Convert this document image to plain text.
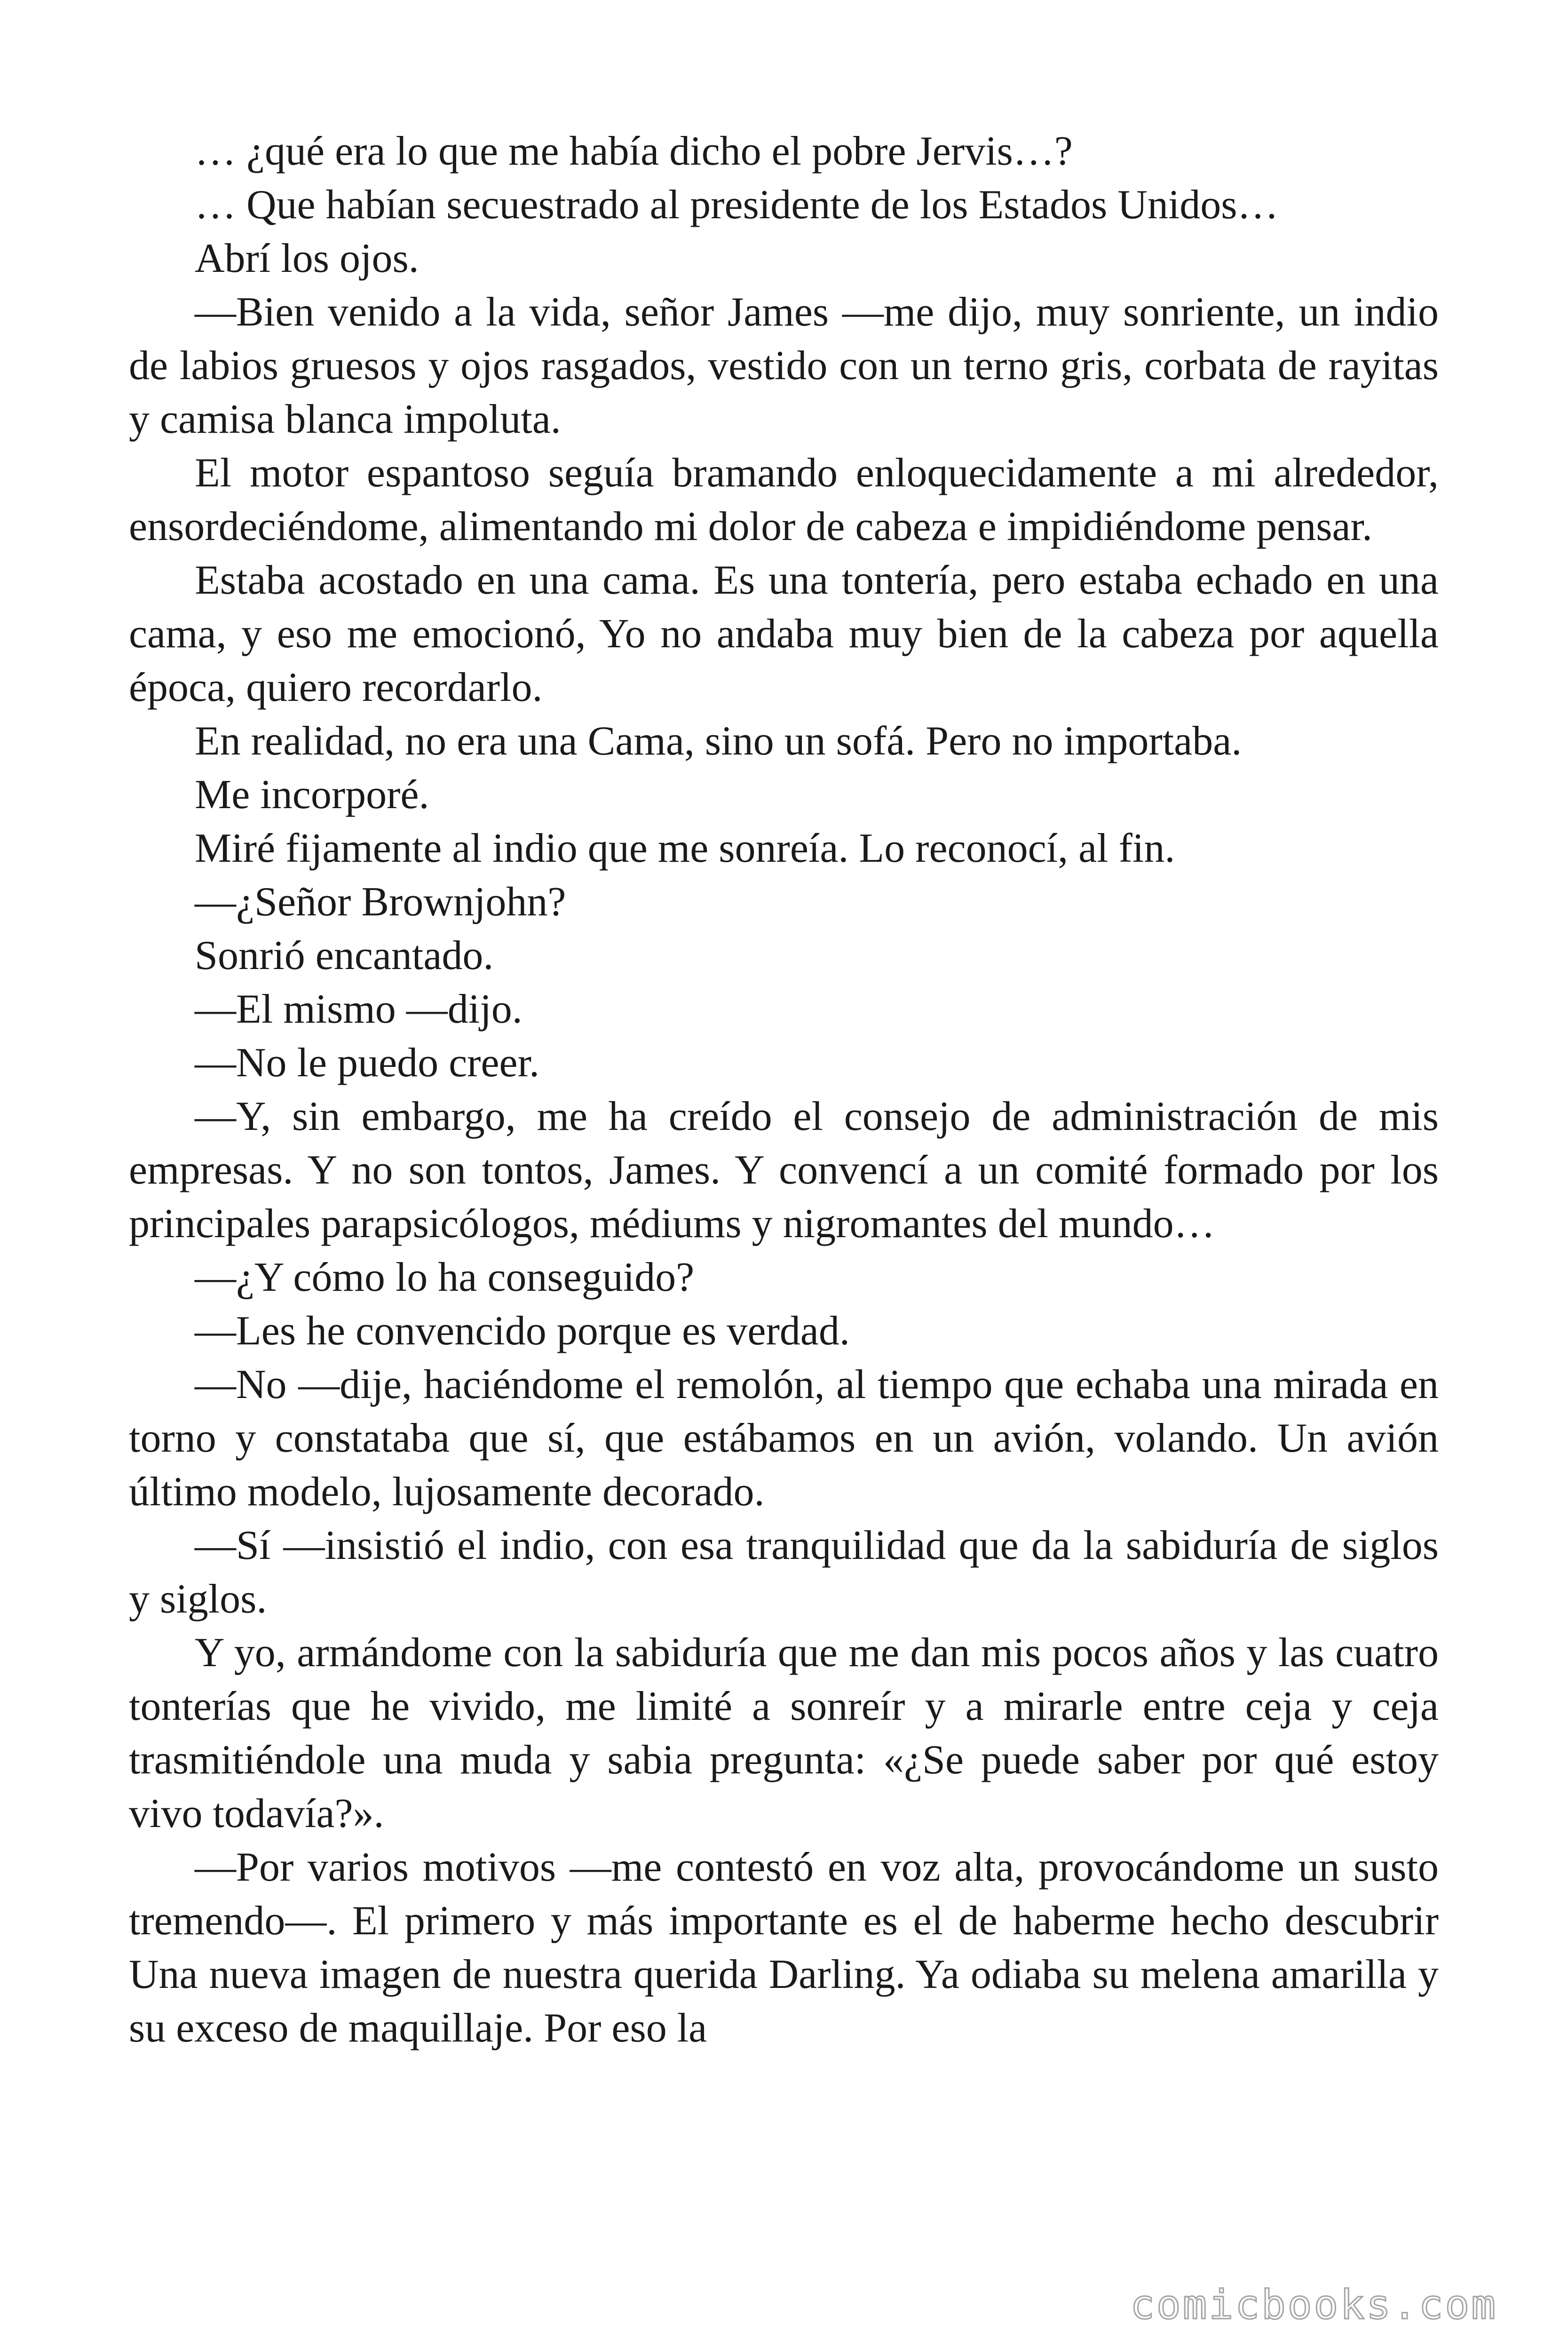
… ¿qué era lo que me había dicho el pobre Jervis…?

… Que habían secuestrado al presidente de los Estados Unidos…

Abrí los ojos.

—Bien venido a la vida, señor James —me dijo, muy sonriente, un indio de labios gruesos y ojos rasgados, vestido con un terno gris, corbata de rayitas y camisa blanca impoluta.

El motor espantoso seguía bramando enloquecidamente a mi alrededor, ensordeciéndome, alimentando mi dolor de cabeza e impidiéndome pensar.

Estaba acostado en una cama. Es una tontería, pero estaba echado en una cama, y eso me emocionó, Yo no andaba muy bien de la cabeza por aquella época, quiero recordarlo.

En realidad, no era una Cama, sino un sofá. Pero no importaba.

Me incorporé.

Miré fijamente al indio que me sonreía. Lo reconocí, al fin.

—¿Señor Brownjohn?

Sonrió encantado.

—El mismo —dijo.

—No le puedo creer.

—Y, sin embargo, me ha creído el consejo de administración de mis empresas. Y no son tontos, James. Y convencí a un comité formado por los principales parapsicólogos, médiums y nigromantes del mundo…

—¿Y cómo lo ha conseguido?

—Les he convencido porque es verdad.

—No —dije, haciéndome el remolón, al tiempo que echaba una mirada en torno y constataba que sí, que estábamos en un avión, volando. Un avión último modelo, lujosamente decorado.

—Sí —insistió el indio, con esa tranquilidad que da la sabiduría de siglos y siglos.

Y yo, armándome con la sabiduría que me dan mis pocos años y las cuatro tonterías que he vivido, me limité a sonreír y a mirarle entre ceja y ceja trasmitiéndole una muda y sabia pregunta: «¿Se puede saber por qué estoy vivo todavía?».

—Por varios motivos —me contestó en voz alta, provocándome un susto tremendo—. El primero y más importante es el de haberme hecho descubrir Una nueva imagen de nuestra querida Darling. Ya odiaba su melena amarilla y su exceso de maquillaje. Por eso la

comicbooks.com
